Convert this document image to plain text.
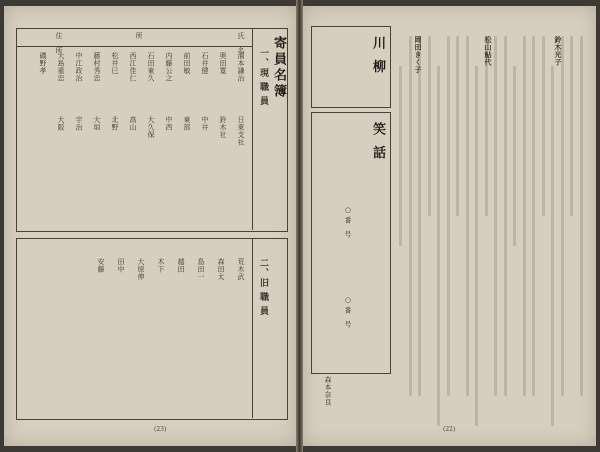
寄員名簿
一、現 職 員
氏　名
所
住　所
濱本謙治
日東支社
奥田寛
鈴木社
石井健
中井
前田敏
東部
内藤公之
中西
石田東久
大久保
西江佳仁
高山
松井巳
北野
藤村秀忠
大垣
中江政治
宇治
大島重忠
大阪
磯野孝
二、旧 職 員
荒木武
森田太
島田一
越田
木下
大原伸
田中
安藤
(23)
川 柳
笑 話
○ 番　号
○ 番　号
鈴木光子
松山鮎代
岡田きく子
森本奈良
(22)
